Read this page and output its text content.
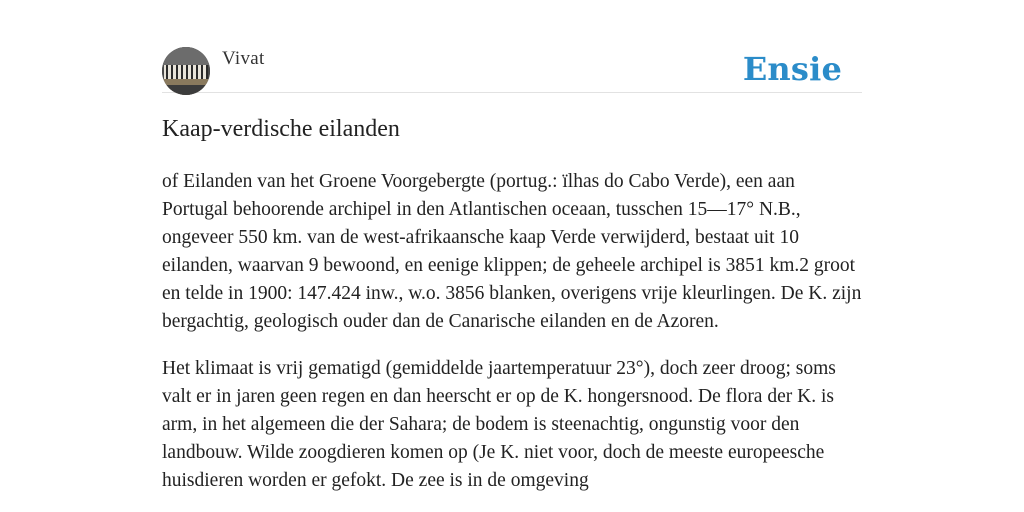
Vivat	Ensie
Kaap-verdische eilanden

of Eilanden van het Groene Voorgebergte (portug.: ïlhas do Cabo Verde), een aan Portugal behoorende archipel in den Atlantischen oceaan, tusschen 15—17° N.B., ongeveer 550 km. van de west-afrikaansche kaap Verde verwijderd, bestaat uit 10 eilanden, waarvan 9 bewoond, en eenige klippen; de geheele archipel is 3851 km.2 groot en telde in 1900: 147.424 inw., w.o. 3856 blanken, overigens vrije kleurlingen. De K. zijn bergachtig, geologisch ouder dan de Canarische eilanden en de Azoren.

Het klimaat is vrij gematigd (gemiddelde jaartemperatuur 23°), doch zeer droog; soms valt er in jaren geen regen en dan heerscht er op de K. hongersnood. De flora der K. is arm, in het algemeen die der Sahara; de bodem is steenachtig, ongunstig voor den landbouw. Wilde zoogdieren komen op (Je K. niet voor, doch de meeste europeesche huisdieren worden er gefokt. De zee is in de omgeving
